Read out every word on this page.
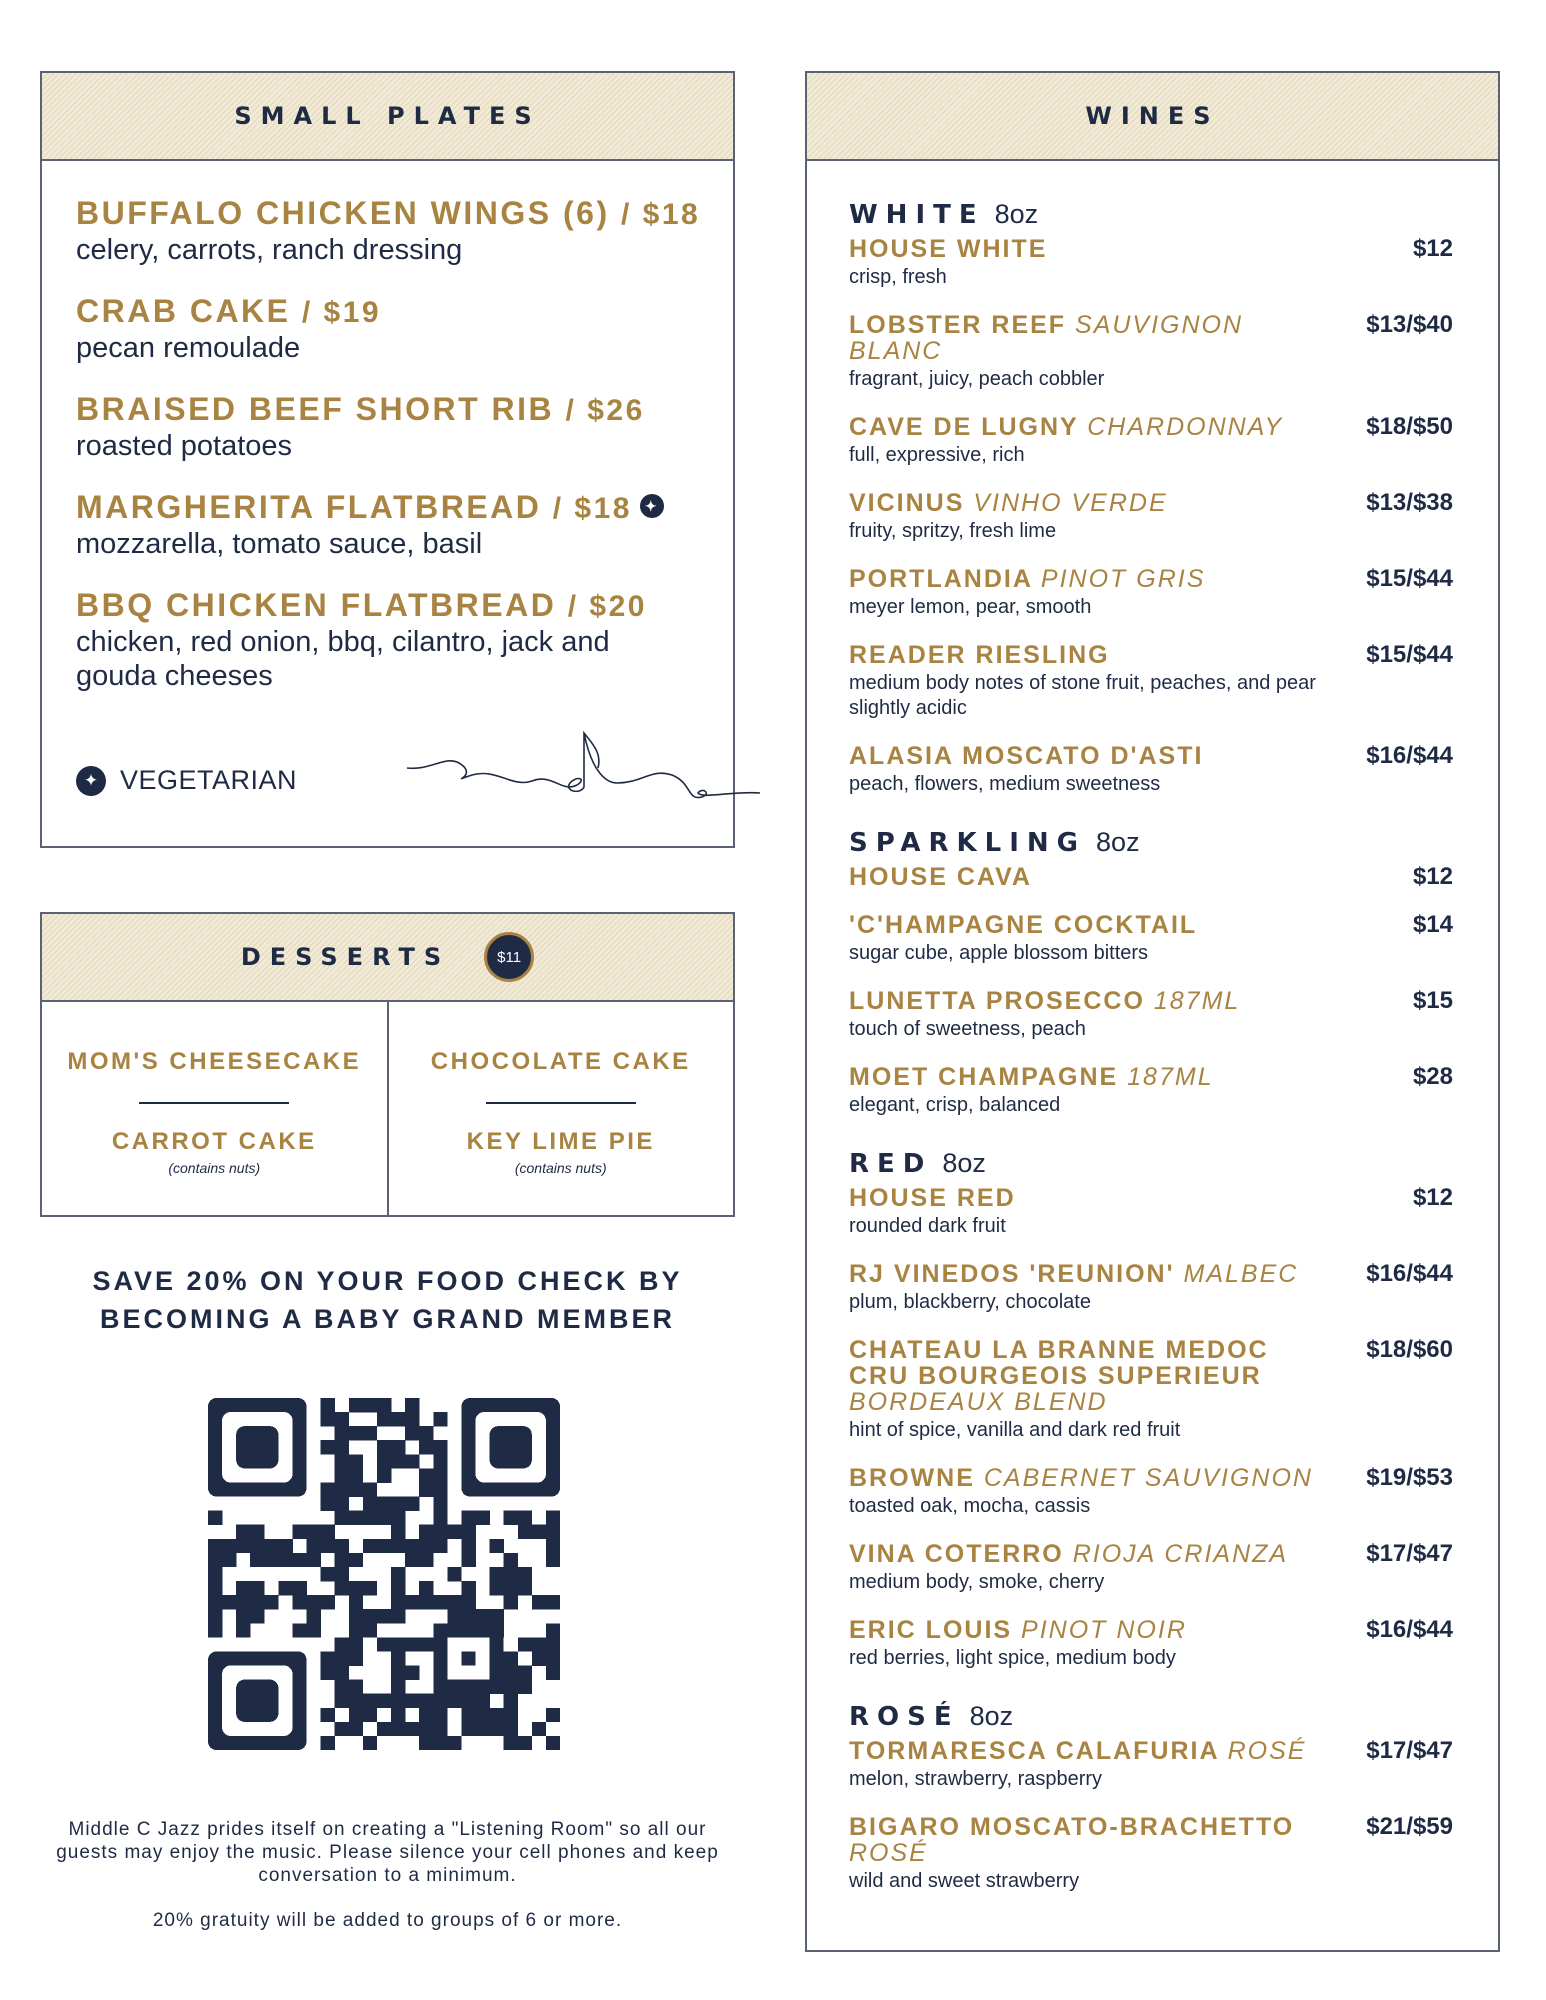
SMALL PLATES
BUFFALO CHICKEN WINGS (6) / $18
celery, carrots, ranch dressing
CRAB CAKE / $19
pecan remoulade
BRAISED BEEF SHORT RIB / $26
roasted potatoes
MARGHERITA FLATBREAD / $18 ✦
mozzarella, tomato sauce, basil
BBQ CHICKEN FLATBREAD / $20
chicken, red onion, bbq, cilantro, jack and gouda cheeses
✦ VEGETARIAN
DESSERTS	$11
MOM'S CHEESECAKE
CARROT CAKE
(contains nuts)
CHOCOLATE CAKE
KEY LIME PIE
(contains nuts)
SAVE 20% ON YOUR FOOD CHECK BY
BECOMING A BABY GRAND MEMBER

Middle C Jazz prides itself on creating a "Listening Room" so all our guests may enjoy the music. Please silence your cell phones and keep conversation to a minimum.

20% gratuity will be added to groups of 6 or more.

WINES
WHITE 8oz
HOUSE WHITE
crisp, fresh
$12
LOBSTER REEF SAUVIGNON BLANC
fragrant, juicy, peach cobbler
$13/$40
CAVE DE LUGNY CHARDONNAY
full, expressive, rich
$18/$50
VICINUS VINHO VERDE
fruity, spritzy, fresh lime
$13/$38
PORTLANDIA PINOT GRIS
meyer lemon, pear, smooth
$15/$44
READER RIESLING
medium body notes of stone fruit, peaches, and pear slightly acidic
$15/$44
ALASIA MOSCATO D'ASTI
peach, flowers, medium sweetness
$16/$44
SPARKLING 8oz
HOUSE CAVA	$12
'C'HAMPAGNE COCKTAIL
sugar cube, apple blossom bitters
$14
LUNETTA PROSECCO 187ML
touch of sweetness, peach
$15
MOET CHAMPAGNE 187ML
elegant, crisp, balanced
$28
RED 8oz
HOUSE RED
rounded dark fruit
$12
RJ VINEDOS 'REUNION' MALBEC
plum, blackberry, chocolate
$16/$44
CHATEAU LA BRANNE MEDOC CRU BOURGEOIS SUPERIEUR BORDEAUX BLEND
hint of spice, vanilla and dark red fruit
$18/$60
BROWNE CABERNET SAUVIGNON
toasted oak, mocha, cassis
$19/$53
VINA COTERRO RIOJA CRIANZA
medium body, smoke, cherry
$17/$47
ERIC LOUIS PINOT NOIR
red berries, light spice, medium body
$16/$44
ROSÉ 8oz
TORMARESCA CALAFURIA ROSÉ
melon, strawberry, raspberry
$17/$47
BIGARO MOSCATO-BRACHETTO ROSÉ
wild and sweet strawberry
$21/$59
